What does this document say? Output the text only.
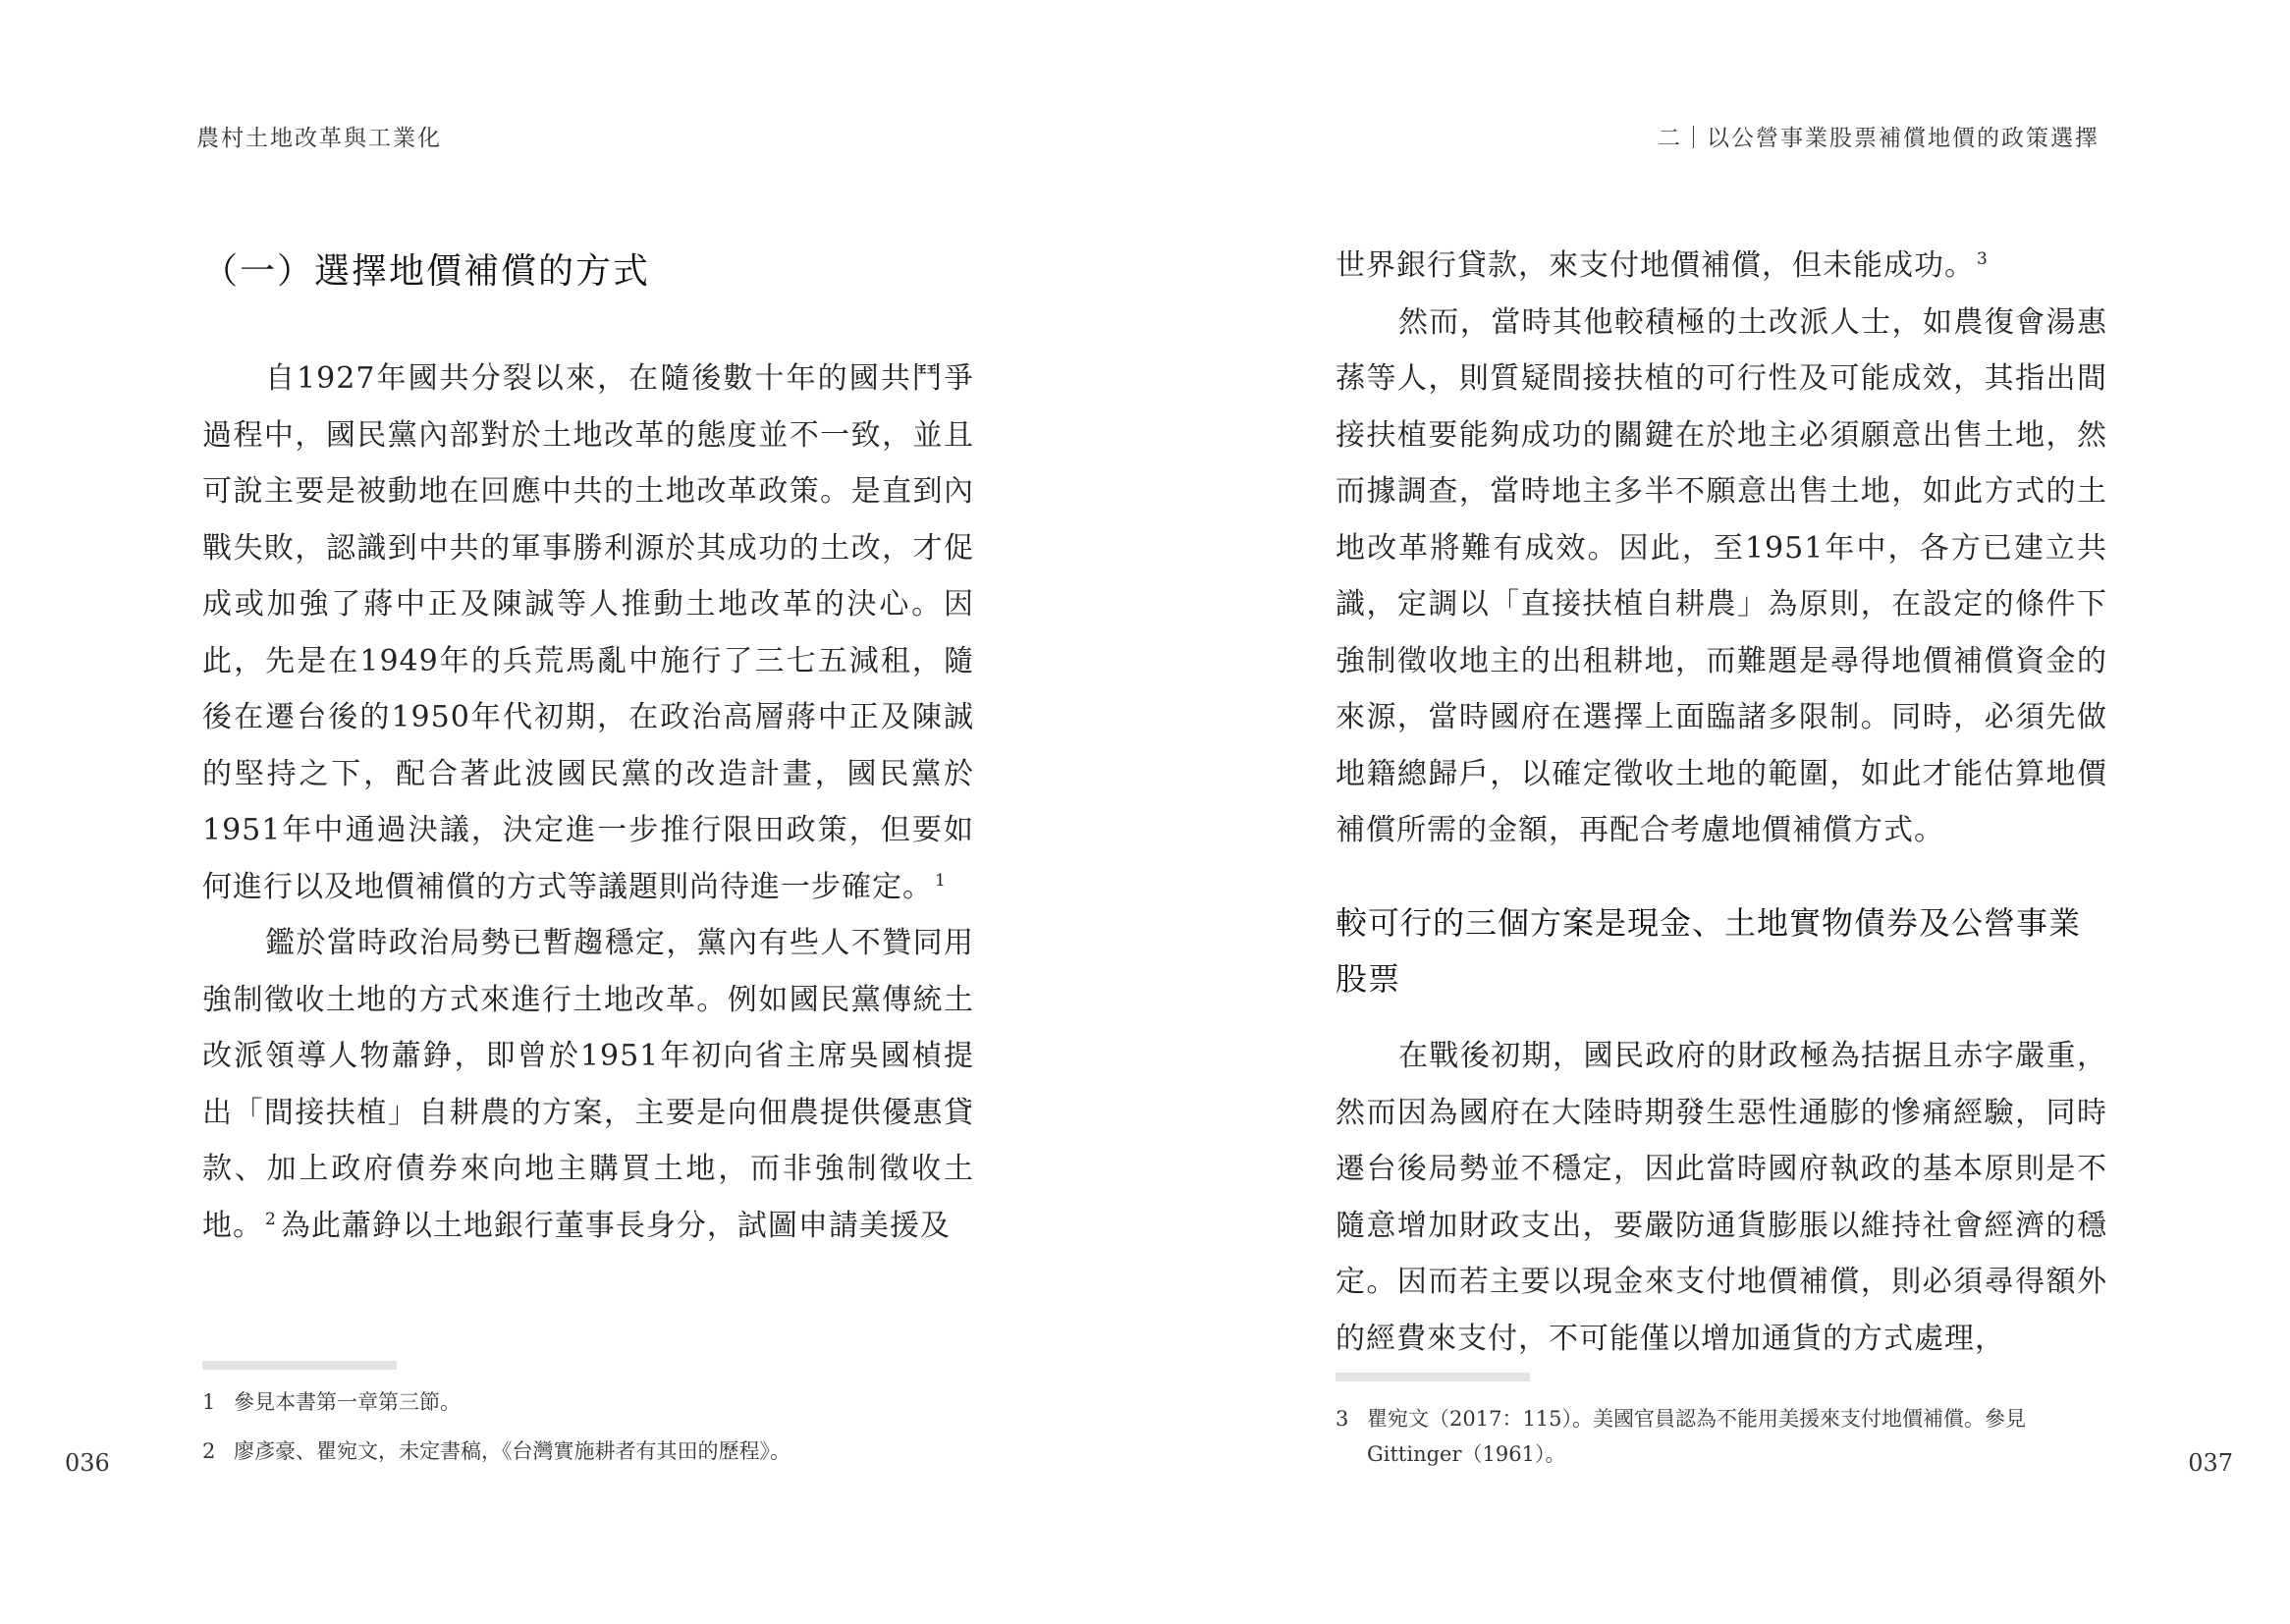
農村土地改革與工業化
（一）選擇地價補償的方式

自1927年國共分裂以來，在隨後數十年的國共鬥爭過程中，國民黨內部對於土地改革的態度並不一致，並且可說主要是被動地在回應中共的土地改革政策。是直到內戰失敗，認識到中共的軍事勝利源於其成功的土改，才促成或加強了蔣中正及陳誠等人推動土地改革的決心。因此，先是在1949年的兵荒馬亂中施行了三七五減租，隨後在遷台後的1950年代初期，在政治高層蔣中正及陳誠的堅持之下，配合著此波國民黨的改造計畫，國民黨於1951年中通過決議，決定進一步推行限田政策，但要如何進行以及地價補償的方式等議題則尚待進一步確定。 $^1$

鑑於當時政治局勢已暫趨穩定，黨內有些人不贊同用強制徵收土地的方式來進行土地改革。例如國民黨傳統土改派領導人物蕭錚，即曾於1951年初向省主席吳國楨提出「間接扶植」自耕農的方案，主要是向佃農提供優惠貸款、加上政府債券來向地主購買土地，而非強制徵收土地。 $^2$ 為此蕭錚以土地銀行董事長身分，試圖申請美援及

1 參見本書第一章第三節。
2 廖彥豪、瞿宛文，未定書稿，《台灣實施耕者有其田的歷程》。
036
二｜以公營事業股票補償地價的政策選擇

世界銀行貸款，來支付地價補償，但未能成功。 $^3$

然而，當時其他較積極的土改派人士，如農復會湯惠蓀等人，則質疑間接扶植的可行性及可能成效，其指出間接扶植要能夠成功的關鍵在於地主必須願意出售土地，然而據調查，當時地主多半不願意出售土地，如此方式的土地改革將難有成效。因此，至1951年中，各方已建立共識，定調以「直接扶植自耕農」為原則，在設定的條件下強制徵收地主的出租耕地，而難題是尋得地價補償資金的來源，當時國府在選擇上面臨諸多限制。同時，必須先做地籍總歸戶，以確定徵收土地的範圍，如此才能估算地價補償所需的金額，再配合考慮地價補償方式。

較可行的三個方案是現金、土地實物債券及公營事業股票

在戰後初期，國民政府的財政極為拮据且赤字嚴重，然而因為國府在大陸時期發生惡性通膨的慘痛經驗，同時遷台後局勢並不穩定，因此當時國府執政的基本原則是不隨意增加財政支出，要嚴防通貨膨脹以維持社會經濟的穩定。因而若主要以現金來支付地價補償，則必須尋得額外的經費來支付，不可能僅以增加通貨的方式處理，

3 瞿宛文（2017：115）。美國官員認為不能用美援來支付地價補償。參見Gittinger（1961）。	037
